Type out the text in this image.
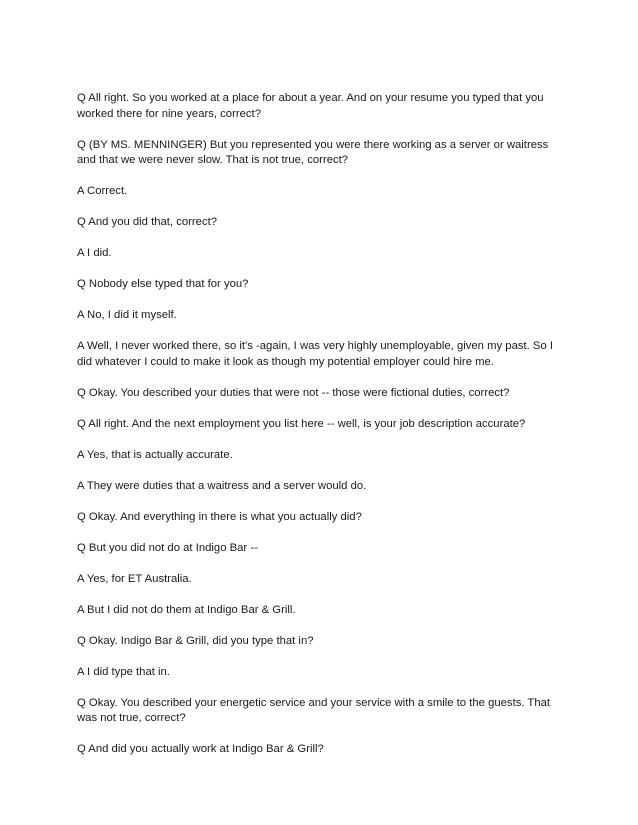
Q All right. So you worked at a place for about a year. And on your resume you typed that you worked there for nine years, correct?

Q (BY MS. MENNINGER) But you represented you were there working as a server or waitress and that we were never slow. That is not true, correct?

A Correct.

Q And you did that, correct?

A I did.

Q Nobody else typed that for you?

A No, I did it myself.

A Well, I never worked there, so it's -again, I was very highly unemployable, given my past. So I did whatever I could to make it look as though my potential employer could hire me.

Q Okay. You described your duties that were not -- those were fictional duties, correct?

Q All right. And the next employment you list here -- well, is your job description accurate?

A Yes, that is actually accurate.

A They were duties that a waitress and a server would do.

Q Okay. And everything in there is what you actually did?

Q But you did not do at Indigo Bar --

A Yes, for ET Australia.

A But I did not do them at Indigo Bar & Grill.

Q Okay. Indigo Bar & Grill, did you type that in?

A I did type that in.

Q Okay. You described your energetic service and your service with a smile to the guests. That was not true, correct?

Q And did you actually work at Indigo Bar & Grill?
